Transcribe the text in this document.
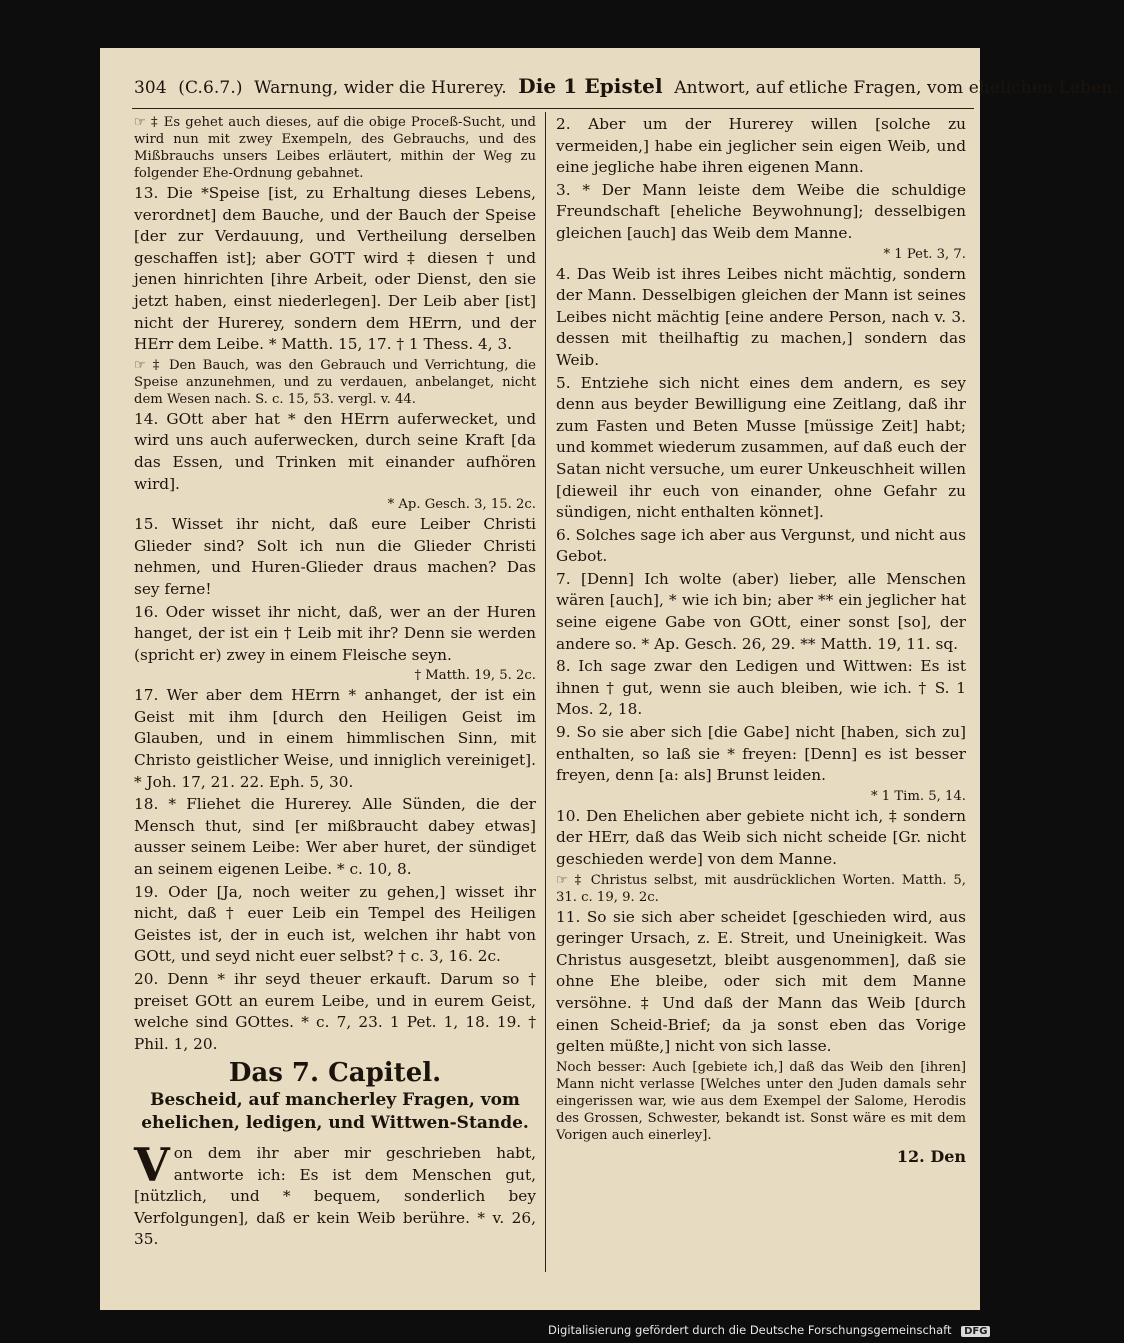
304 (C.6.7.) Warnung, wider die Hurerey. Die 1 Epistel Antwort, auf etliche Fragen, vom ehelichen Leben.

☞ ‡ Es gehet auch dieses, auf die obige Proceß-Sucht, und wird nun mit zwey Exempeln, des Gebrauchs, und des Mißbrauchs unsers Leibes erläutert, mithin der Weg zu folgender Ehe-Ordnung gebahnet.

13. Die *Speise [ist, zu Erhaltung dieses Lebens, verordnet] dem Bauche, und der Bauch der Speise [der zur Verdauung, und Vertheilung derselben geschaffen ist]; aber GOTT wird ‡ diesen † und jenen hinrichten [ihre Arbeit, oder Dienst, den sie jetzt haben, einst niederlegen]. Der Leib aber [ist] nicht der Hurerey, sondern dem HErrn, und der HErr dem Leibe. * Matth. 15, 17. † 1 Thess. 4, 3.

☞ ‡ Den Bauch, was den Gebrauch und Verrichtung, die Speise anzunehmen, und zu verdauen, anbelanget, nicht dem Wesen nach. S. c. 15, 53. vergl. v. 44.

14. GOtt aber hat * den HErrn auferwecket, und wird uns auch auferwecken, durch seine Kraft [da das Essen, und Trinken mit einander aufhören wird].

* Ap. Gesch. 3, 15. 2c.

15. Wisset ihr nicht, daß eure Leiber Christi Glieder sind? Solt ich nun die Glieder Christi nehmen, und Huren-Glieder draus machen? Das sey ferne!

16. Oder wisset ihr nicht, daß, wer an der Huren hanget, der ist ein † Leib mit ihr? Denn sie werden (spricht er) zwey in einem Fleische seyn.

† Matth. 19, 5. 2c.

17. Wer aber dem HErrn * anhanget, der ist ein Geist mit ihm [durch den Heiligen Geist im Glauben, und in einem himmlischen Sinn, mit Christo geistlicher Weise, und inniglich vereiniget]. * Joh. 17, 21. 22. Eph. 5, 30.

18. * Fliehet die Hurerey. Alle Sünden, die der Mensch thut, sind [er mißbraucht dabey etwas] ausser seinem Leibe: Wer aber huret, der sündiget an seinem eigenen Leibe. * c. 10, 8.

19. Oder [Ja, noch weiter zu gehen,] wisset ihr nicht, daß † euer Leib ein Tempel des Heiligen Geistes ist, der in euch ist, welchen ihr habt von GOtt, und seyd nicht euer selbst? † c. 3, 16. 2c.

20. Denn * ihr seyd theuer erkauft. Darum so † preiset GOtt an eurem Leibe, und in eurem Geist, welche sind GOttes. * c. 7, 23. 1 Pet. 1, 18. 19. † Phil. 1, 20.

Das 7. Capitel.
Bescheid, auf mancherley Fragen, vom ehelichen, ledigen, und Wittwen-Stande.

Von dem ihr aber mir geschrieben habt, antworte ich: Es ist dem Menschen gut, [nützlich, und * bequem, sonderlich bey Verfolgungen], daß er kein Weib berühre. * v. 26, 35.

2. Aber um der Hurerey willen [solche zu vermeiden,] habe ein jeglicher sein eigen Weib, und eine jegliche habe ihren eigenen Mann.

3. * Der Mann leiste dem Weibe die schuldige Freundschaft [eheliche Beywohnung]; desselbigen gleichen [auch] das Weib dem Manne.

* 1 Pet. 3, 7.

4. Das Weib ist ihres Leibes nicht mächtig, sondern der Mann. Desselbigen gleichen der Mann ist seines Leibes nicht mächtig [eine andere Person, nach v. 3. dessen mit theilhaftig zu machen,] sondern das Weib.

5. Entziehe sich nicht eines dem andern, es sey denn aus beyder Bewilligung eine Zeitlang, daß ihr zum Fasten und Beten Musse [müssige Zeit] habt; und kommet wiederum zusammen, auf daß euch der Satan nicht versuche, um eurer Unkeuschheit willen [dieweil ihr euch von einander, ohne Gefahr zu sündigen, nicht enthalten könnet].

6. Solches sage ich aber aus Vergunst, und nicht aus Gebot.

7. [Denn] Ich wolte (aber) lieber, alle Menschen wären [auch], * wie ich bin; aber ** ein jeglicher hat seine eigene Gabe von GOtt, einer sonst [so], der andere so. * Ap. Gesch. 26, 29. ** Matth. 19, 11. sq.

8. Ich sage zwar den Ledigen und Wittwen: Es ist ihnen † gut, wenn sie auch bleiben, wie ich. † S. 1 Mos. 2, 18.

9. So sie aber sich [die Gabe] nicht [haben, sich zu] enthalten, so laß sie * freyen: [Denn] es ist besser freyen, denn [a: als] Brunst leiden.

* 1 Tim. 5, 14.

10. Den Ehelichen aber gebiete nicht ich, ‡ sondern der HErr, daß das Weib sich nicht scheide [Gr. nicht geschieden werde] von dem Manne.

☞ ‡ Christus selbst, mit ausdrücklichen Worten. Matth. 5, 31. c. 19, 9. 2c.

11. So sie sich aber scheidet [geschieden wird, aus geringer Ursach, z. E. Streit, und Uneinigkeit. Was Christus ausgesetzt, bleibt ausgenommen], daß sie ohne Ehe bleibe, oder sich mit dem Manne versöhne. ‡ Und daß der Mann das Weib [durch einen Scheid-Brief; da ja sonst eben das Vorige gelten müßte,] nicht von sich lasse.

Noch besser: Auch [gebiete ich,] daß das Weib den [ihren] Mann nicht verlasse [Welches unter den Juden damals sehr eingerissen war, wie aus dem Exempel der Salome, Herodis des Grossen, Schwester, bekandt ist. Sonst wäre es mit dem Vorigen auch einerley].

12. Den
Digitalisierung gefördert durch die Deutsche Forschungsgemeinschaft DFG
